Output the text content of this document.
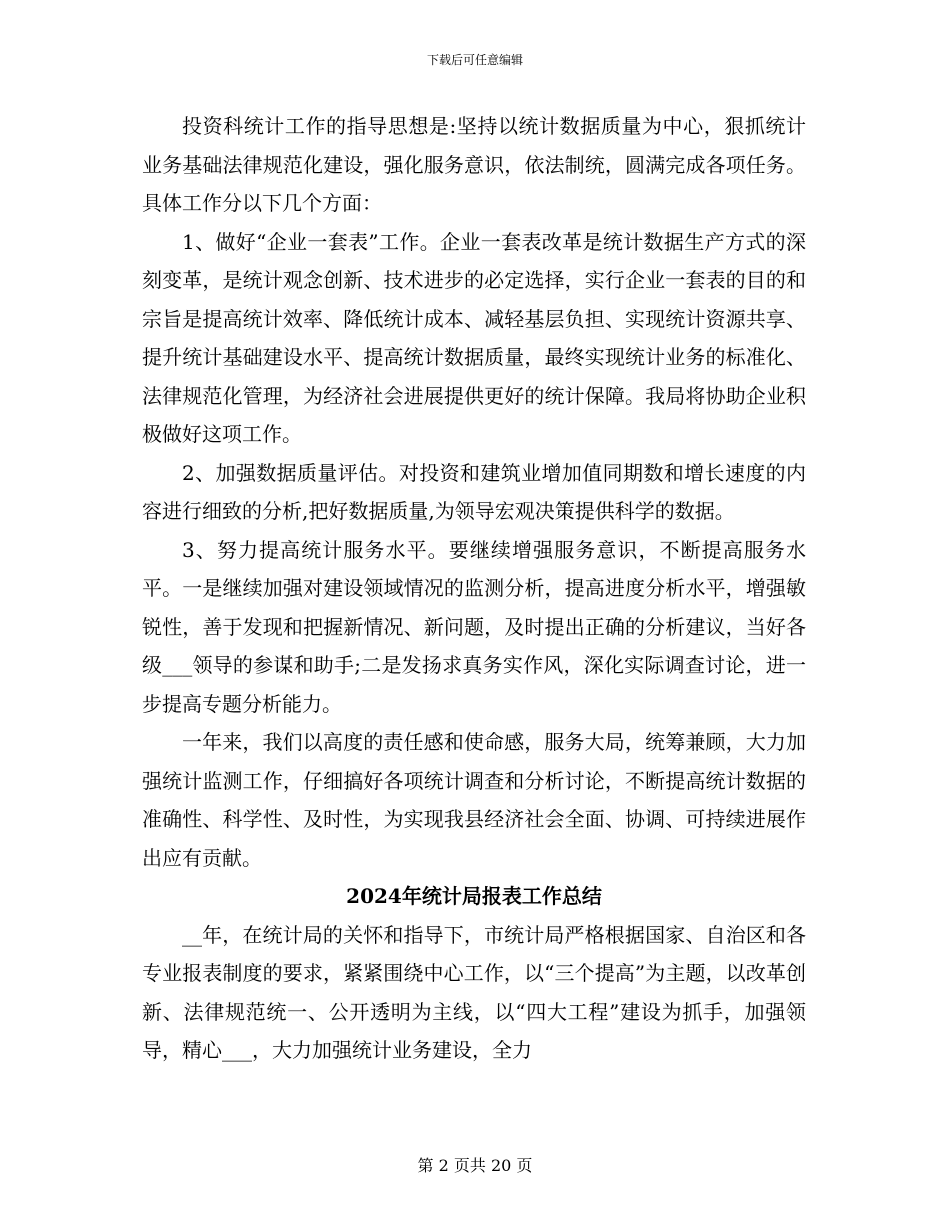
下载后可任意编辑

投资科统计工作的指导思想是:坚持以统计数据质量为中心，狠抓统计业务基础法律规范化建设，强化服务意识，依法制统，圆满完成各项任务。具体工作分以下几个方面：

1、做好“企业一套表”工作。企业一套表改革是统计数据生产方式的深刻变革，是统计观念创新、技术进步的必定选择，实行企业一套表的目的和宗旨是提高统计效率、降低统计成本、减轻基层负担、实现统计资源共享、提升统计基础建设水平、提高统计数据质量，最终实现统计业务的标准化、法律规范化管理，为经济社会进展提供更好的统计保障。我局将协助企业积极做好这项工作。

2、加强数据质量评估。对投资和建筑业增加值同期数和增长速度的内容进行细致的分析,把好数据质量,为领导宏观决策提供科学的数据。

3、努力提高统计服务水平。要继续增强服务意识，不断提高服务水平。一是继续加强对建设领域情况的监测分析，提高进度分析水平，增强敏锐性，善于发现和把握新情况、新问题，及时提出正确的分析建议，当好各级___领导的参谋和助手;二是发扬求真务实作风，深化实际调查讨论，进一步提高专题分析能力。

一年来，我们以高度的责任感和使命感，服务大局，统筹兼顾，大力加强统计监测工作，仔细搞好各项统计调查和分析讨论，不断提高统计数据的准确性、科学性、及时性，为实现我县经济社会全面、协调、可持续进展作出应有贡献。

2024年统计局报表工作总结

__年，在统计局的关怀和指导下，市统计局严格根据国家、自治区和各专业报表制度的要求，紧紧围绕中心工作，以“三个提高”为主题，以改革创新、法律规范统一、公开透明为主线，以“四大工程”建设为抓手，加强领导，精心___，大力加强统计业务建设，全力

第 2 页共 20 页
